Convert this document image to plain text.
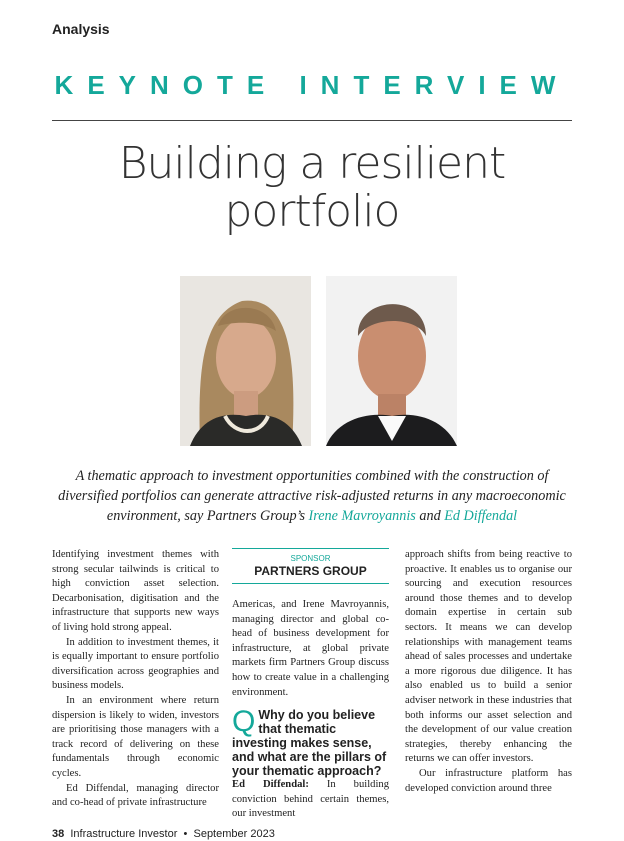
Analysis
KEYNOTE INTERVIEW
Building a resilient
portfolio
A thematic approach to investment opportunities combined with the construction of diversified portfolios can generate attractive risk-adjusted returns in any macroeconomic environment, say Partners Group’s Irene Mavroyannis and Ed Diffendal

Identifying investment themes with strong secular tailwinds is critical to high conviction asset selection. Decarbonisation, digitisation and the infrastructure that supports new ways of living hold strong appeal.

In addition to investment themes, it is equally important to ensure portfolio diversification across geographies and business models.

In an environment where return dispersion is likely to widen, investors are prioritising those managers with a track record of delivering on these fundamentals through economic cycles.

Ed Diffendal, managing director and co-head of private infrastructure

SPONSOR
PARTNERS GROUP

Americas, and Irene Mavroyannis, managing director and global co-head of business development for infrastructure, at global private markets firm Partners Group discuss how to create value in a challenging environment.

Q Why do you believe that thematic investing makes sense, and what are the pillars of your thematic approach?

Ed Diffendal: In building conviction behind certain themes, our investment

approach shifts from being reactive to proactive. It enables us to organise our sourcing and execution resources around those themes and to develop domain expertise in certain sub sectors. It means we can develop relationships with management teams ahead of sales processes and undertake a more rigorous due diligence. It has also enabled us to build a senior adviser network in these industries that both informs our asset selection and the development of our value creation strategies, thereby enhancing the returns we can offer investors.

Our infrastructure platform has developed conviction around three

38 Infrastructure Investor • September 2023
